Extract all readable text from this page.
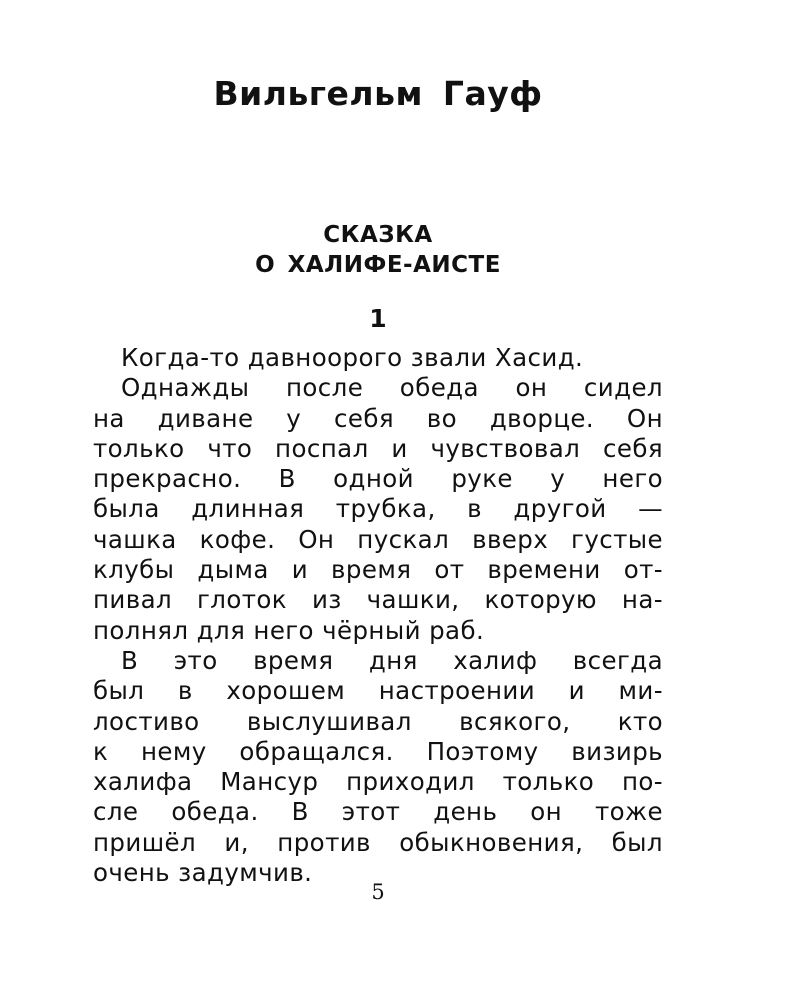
Вильгельм Гауф
СКАЗКА
О ХАЛИФЕ-АИСТЕ
1
Когда-то давноорого звали Хасид.
Однажды после обеда он сидел
на диване у себя во дворце. Он
только что поспал и чувствовал себя
прекрасно. В одной руке у него
была длинная трубка, в другой —
чашка кофе. Он пускал вверх густые
клубы дыма и время от времени от-
пивал глоток из чашки, которую на-
полнял для него чёрный раб.
В это время дня халиф всегда
был в хорошем настроении и ми-
лостиво выслушивал всякого, кто
к нему обращался. Поэтому визирь
халифа Мансур приходил только по-
сле обеда. В этот день он тоже
пришёл и, против обыкновения, был
очень задумчив.
5
